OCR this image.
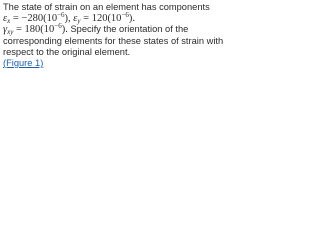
The state of strain on an element has components
$\varepsilon_x = -280(10^{-6})$, $\varepsilon_y = 120(10^{-6})$.
$\gamma_{xy} = 180(10^{-6})$. Specify the orientation of the
corresponding elements for these states of strain with
respect to the original element.
(Figure 1)
